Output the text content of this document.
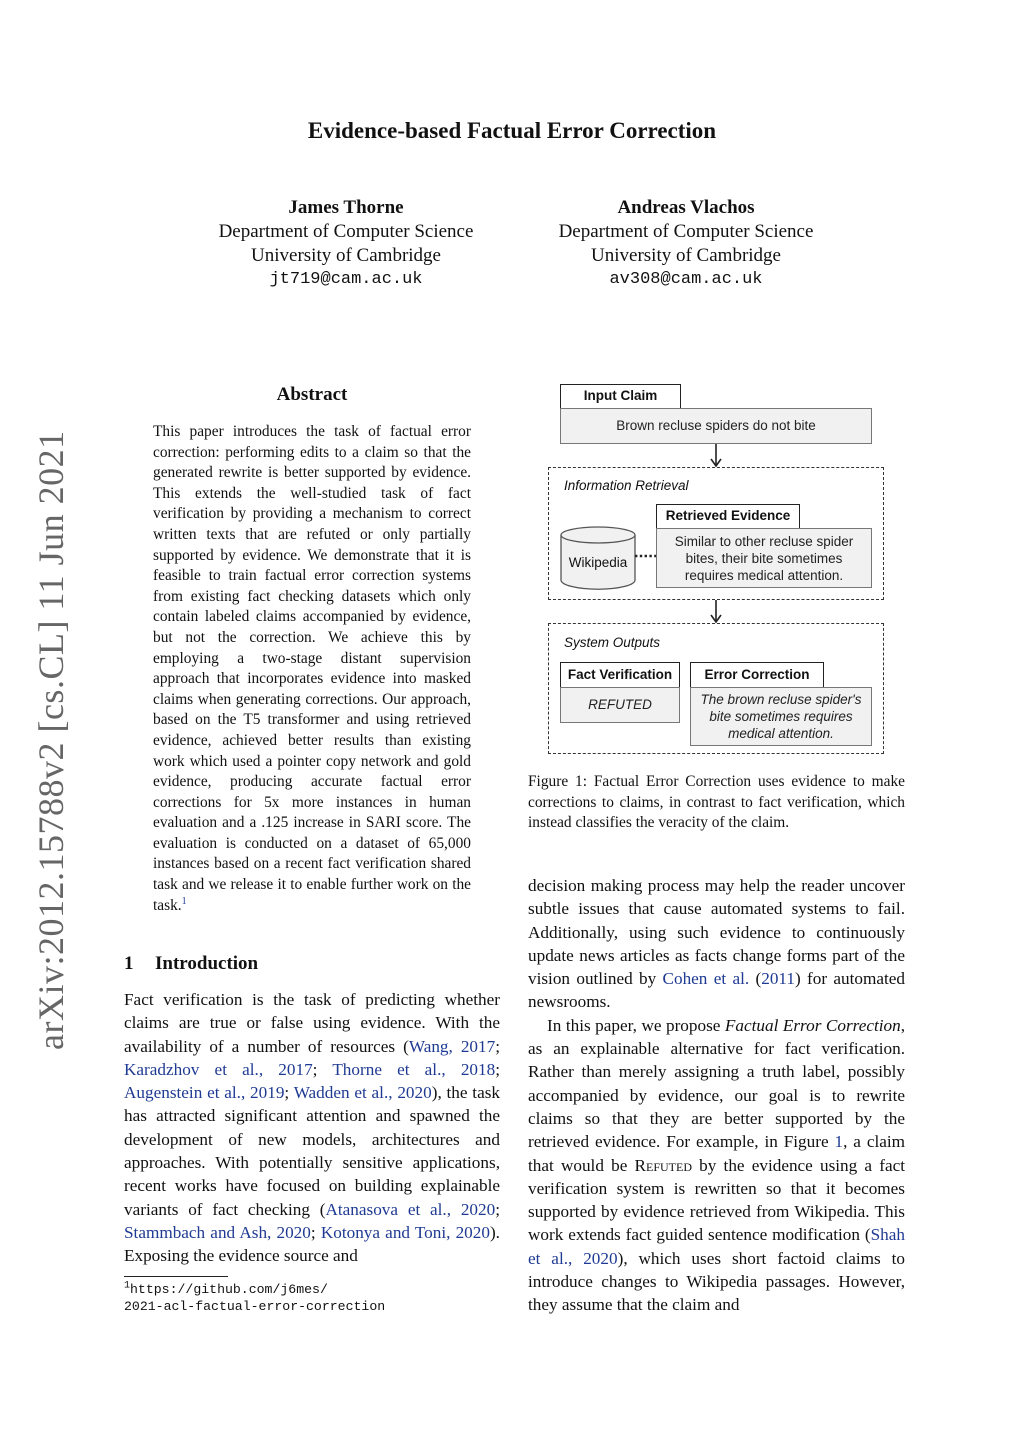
Evidence-based Factual Error Correction
James Thorne
Department of Computer Science
University of Cambridge
jt719@cam.ac.uk
Andreas Vlachos
Department of Computer Science
University of Cambridge
av308@cam.ac.uk
arXiv:2012.15788v2 [cs.CL] 11 Jun 2021
Abstract
This paper introduces the task of factual error correction: performing edits to a claim so that the generated rewrite is better supported by evidence. This extends the well-studied task of fact verification by providing a mechanism to correct written texts that are refuted or only partially supported by evidence. We demonstrate that it is feasible to train factual error correction systems from existing fact checking datasets which only contain labeled claims accompanied by evidence, but not the correction. We achieve this by employing a two-stage distant supervision approach that incorporates evidence into masked claims when generating corrections. Our approach, based on the T5 transformer and using retrieved evidence, achieved better results than existing work which used a pointer copy network and gold evidence, producing accurate factual error corrections for 5x more instances in human evaluation and a .125 increase in SARI score. The evaluation is conducted on a dataset of 65,000 instances based on a recent fact verification shared task and we release it to enable further work on the task.$^1$
1 Introduction
Fact verification is the task of predicting whether claims are true or false using evidence. With the availability of a number of resources (Wang, 2017; Karadzhov et al., 2017; Thorne et al., 2018; Augenstein et al., 2019; Wadden et al., 2020), the task has attracted significant attention and spawned the development of new models, architectures and approaches. With potentially sensitive applications, recent works have focused on building explainable variants of fact checking (Atanasova et al., 2020; Stammbach and Ash, 2020; Kotonya and Toni, 2020). Exposing the evidence source and
$^1$https://github.com/j6mes/
2021-acl-factual-error-correction
Input Claim
Brown recluse spiders do not bite
Information Retrieval
Wikipedia
Retrieved Evidence
Similar to other recluse spider bites, their bite sometimes requires medical attention.
System Outputs
Fact Verification
REFUTED
Error Correction
The brown recluse spider's bite sometimes requires medical attention.
Figure 1: Factual Error Correction uses evidence to make corrections to claims, in contrast to fact verification, which instead classifies the veracity of the claim.

decision making process may help the reader uncover subtle issues that cause automated systems to fail. Additionally, using such evidence to continuously update news articles as facts change forms part of the vision outlined by Cohen et al. (2011) for automated newsrooms.

In this paper, we propose Factual Error Correction, as an explainable alternative for fact verification. Rather than merely assigning a truth label, possibly accompanied by evidence, our goal is to rewrite claims so that they are better supported by the retrieved evidence. For example, in Figure 1, a claim that would be Refuted by the evidence using a fact verification system is rewritten so that it becomes supported by evidence retrieved from Wikipedia. This work extends fact guided sentence modification (Shah et al., 2020), which uses short factoid claims to introduce changes to Wikipedia passages. However, they assume that the claim and
